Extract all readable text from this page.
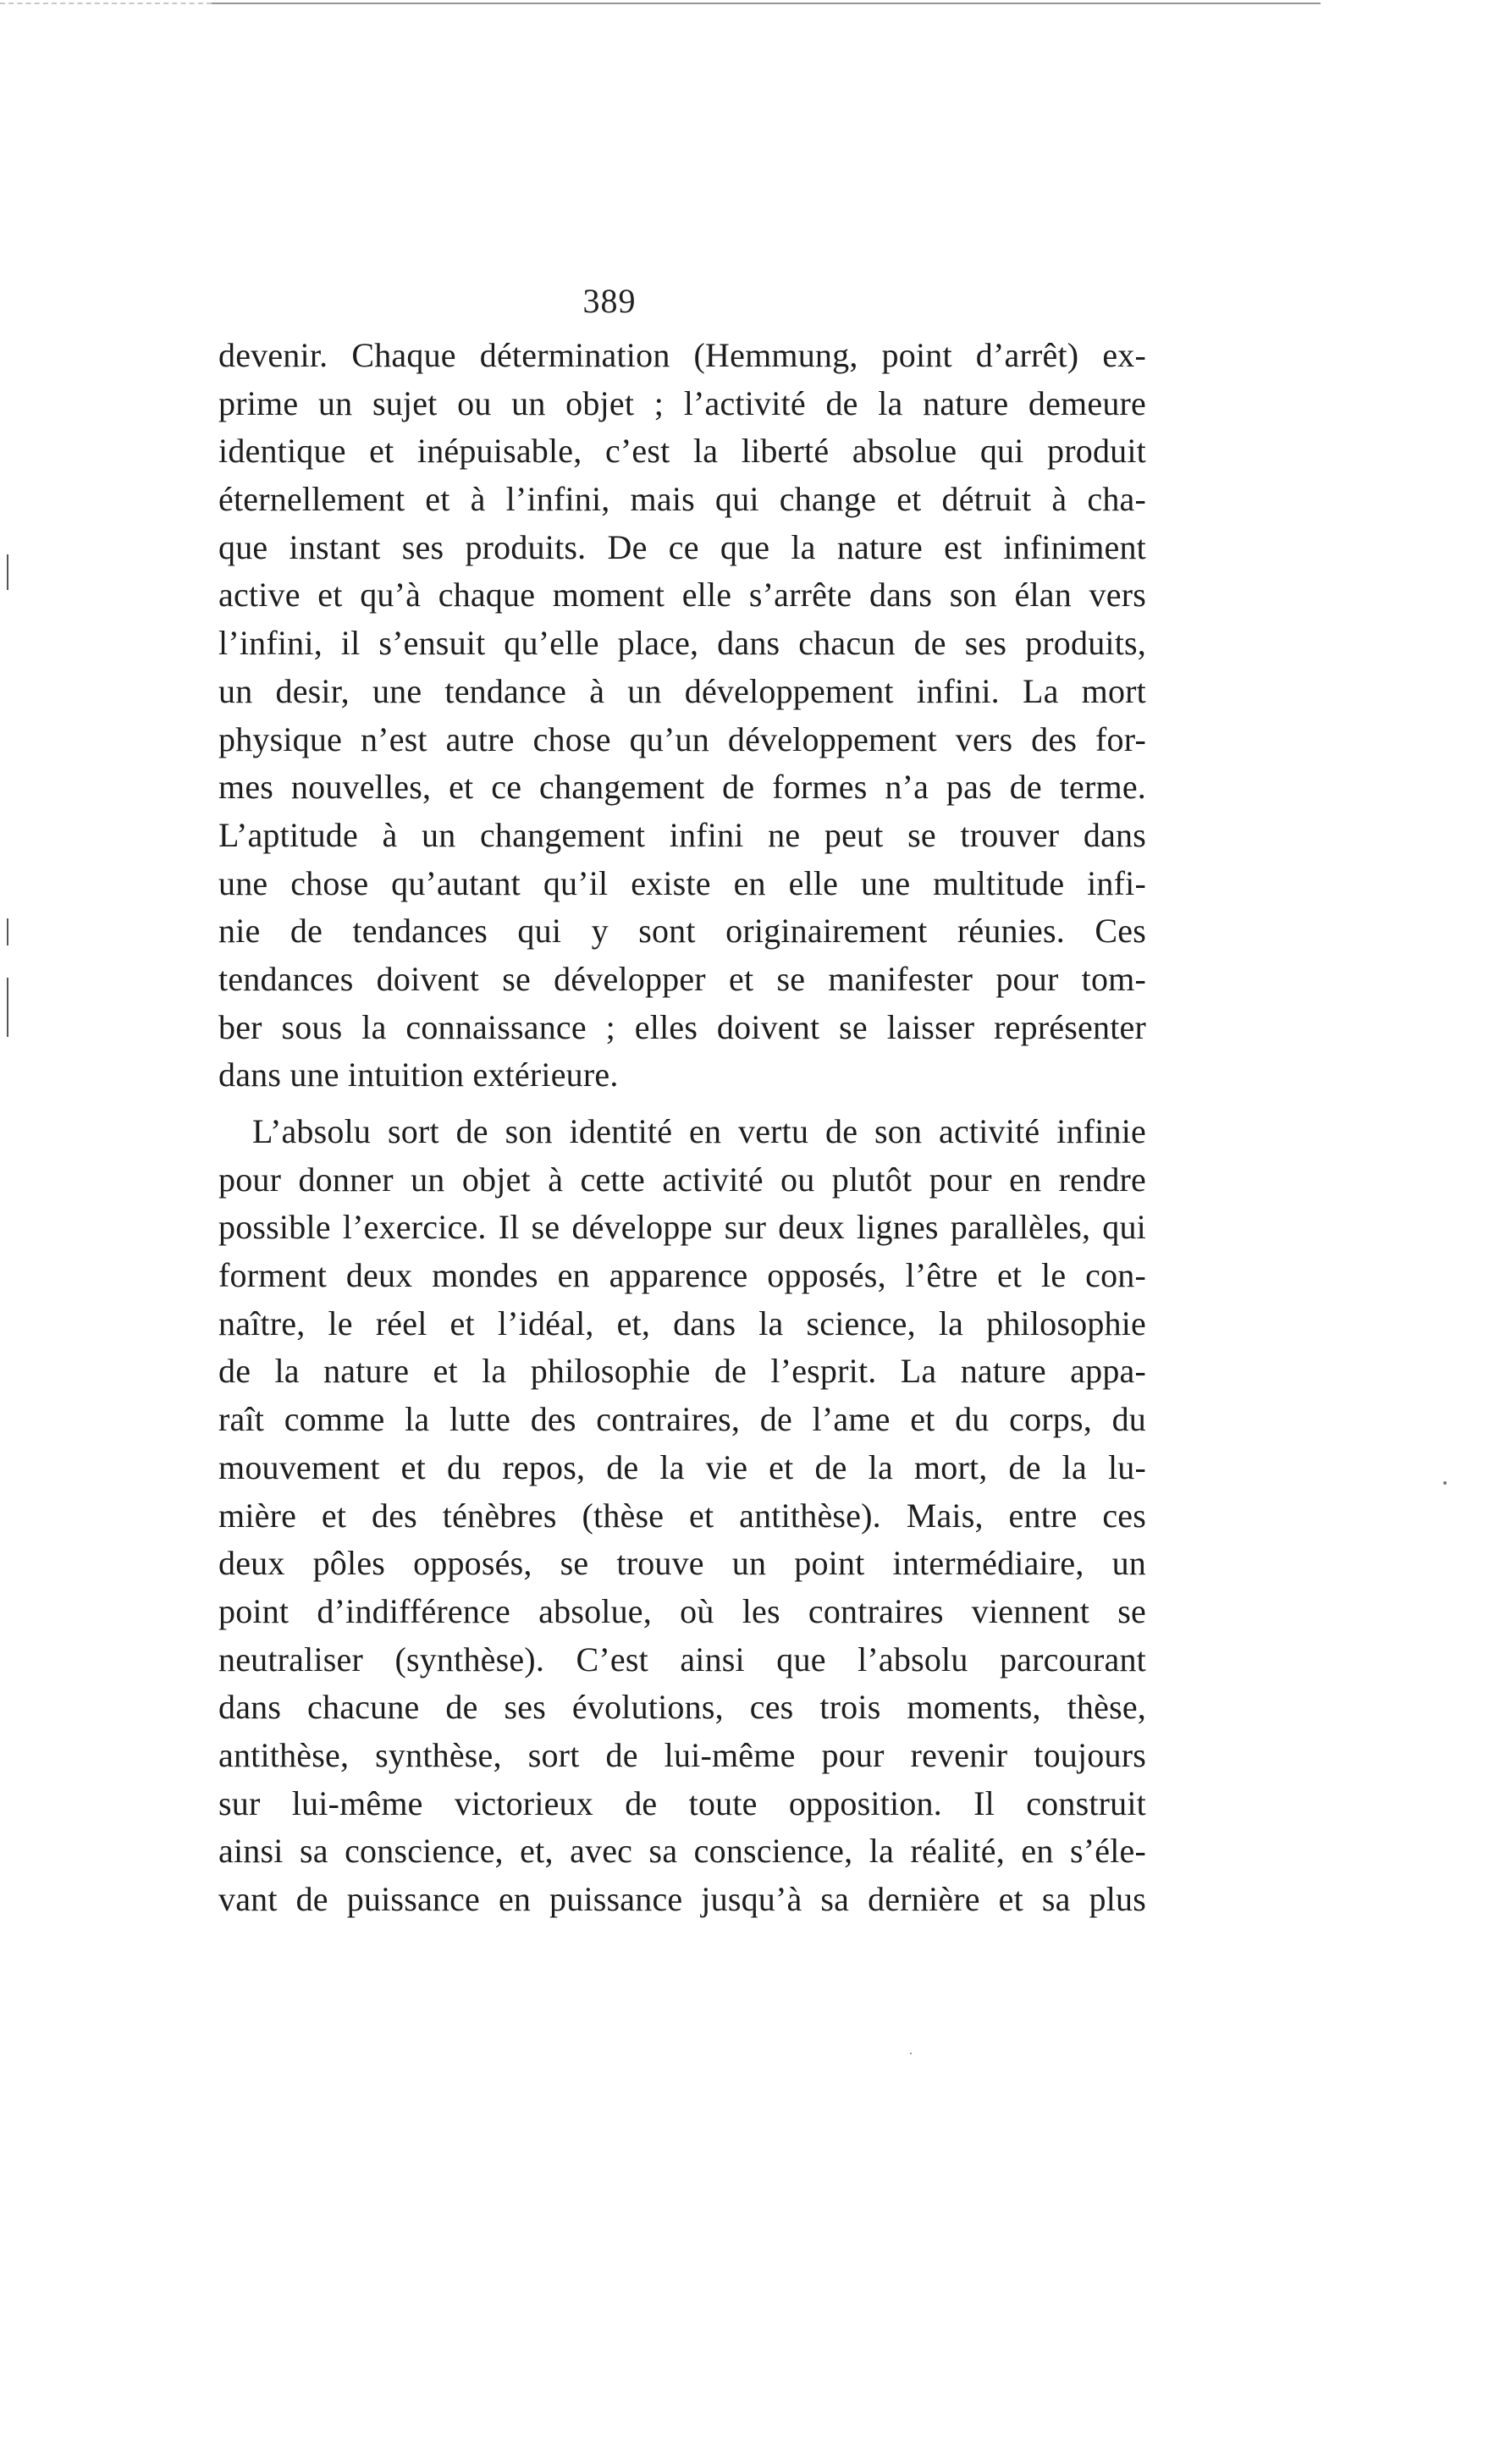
389
devenir. Chaque détermination (Hemmung, point d’arrêt) ex-
prime un sujet ou un objet ; l’activité de la nature demeure
identique et inépuisable, c’est la liberté absolue qui produit
éternellement et à l’infini, mais qui change et détruit à cha-
que instant ses produits. De ce que la nature est infiniment
active et qu’à chaque moment elle s’arrête dans son élan vers
l’infini, il s’ensuit qu’elle place, dans chacun de ses produits,
un desir, une tendance à un développement infini. La mort
physique n’est autre chose qu’un développement vers des for-
mes nouvelles, et ce changement de formes n’a pas de terme.
L’aptitude à un changement infini ne peut se trouver dans
une chose qu’autant qu’il existe en elle une multitude infi-
nie de tendances qui y sont originairement réunies. Ces
tendances doivent se développer et se manifester pour tom-
ber sous la connaissance ; elles doivent se laisser représenter
dans une intuition extérieure.
L’absolu sort de son identité en vertu de son activité infinie
pour donner un objet à cette activité ou plutôt pour en rendre
possible l’exercice. Il se développe sur deux lignes parallèles, qui
forment deux mondes en apparence opposés, l’être et le con-
naître, le réel et l’idéal, et, dans la science, la philosophie
de la nature et la philosophie de l’esprit. La nature appa-
raît comme la lutte des contraires, de l’ame et du corps, du
mouvement et du repos, de la vie et de la mort, de la lu-
mière et des ténèbres (thèse et antithèse). Mais, entre ces
deux pôles opposés, se trouve un point intermédiaire, un
point d’indifférence absolue, où les contraires viennent se
neutraliser (synthèse). C’est ainsi que l’absolu parcourant
dans chacune de ses évolutions, ces trois moments, thèse,
antithèse, synthèse, sort de lui-même pour revenir toujours
sur lui-même victorieux de toute opposition. Il construit
ainsi sa conscience, et, avec sa conscience, la réalité, en s’éle-
vant de puissance en puissance jusqu’à sa dernière et sa plus
